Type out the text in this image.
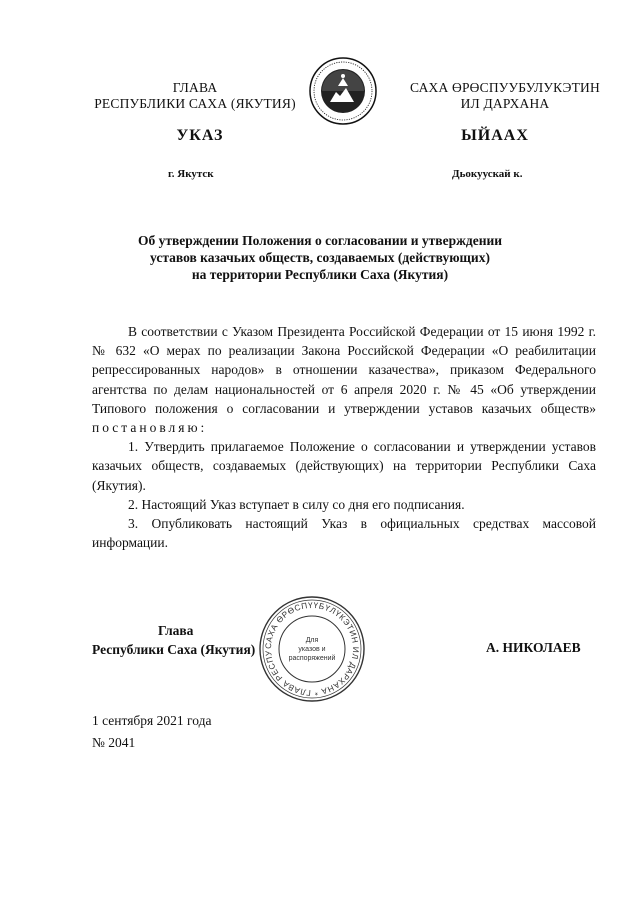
ГЛАВА
РЕСПУБЛИКИ САХА (ЯКУТИЯ)
САХА ӨРӨСПУУБУЛУКЭТИН
ИЛ ДАРХАНА
УКАЗ	ЫЙААХ
г. Якутск	Дьокуускай к.
Об утверждении Положения о согласовании и утверждении
уставов казачьих обществ, создаваемых (действующих)
на территории Республики Саха (Якутия)

В соответствии с Указом Президента Российской Федерации от 15 июня 1992 г. № 632 «О мерах по реализации Закона Российской Федерации «О реабилитации репрессированных народов» в отношении казачества», приказом Федерального агентства по делам национальностей от 6 апреля 2020 г. № 45 «Об утверждении Типового положения о согласовании и утверждении уставов казачьих обществ» постановляю:

1. Утвердить прилагаемое Положение о согласовании и утверждении уставов казачьих обществ, создаваемых (действующих) на территории Республики Саха (Якутия).

2. Настоящий Указ вступает в силу со дня его подписания.

3. Опубликовать настоящий Указ в официальных средствах массовой информации.

САХА ӨРӨСПҮҮБҮЛҮКЭТИН ИЛ ДАРХАНА * ГЛАВА РЕСПУ
Для
указов и
распоряжений
Глава
Республики Саха (Якутия)	А. НИКОЛАЕВ
1 сентября 2021 года
№ 2041
